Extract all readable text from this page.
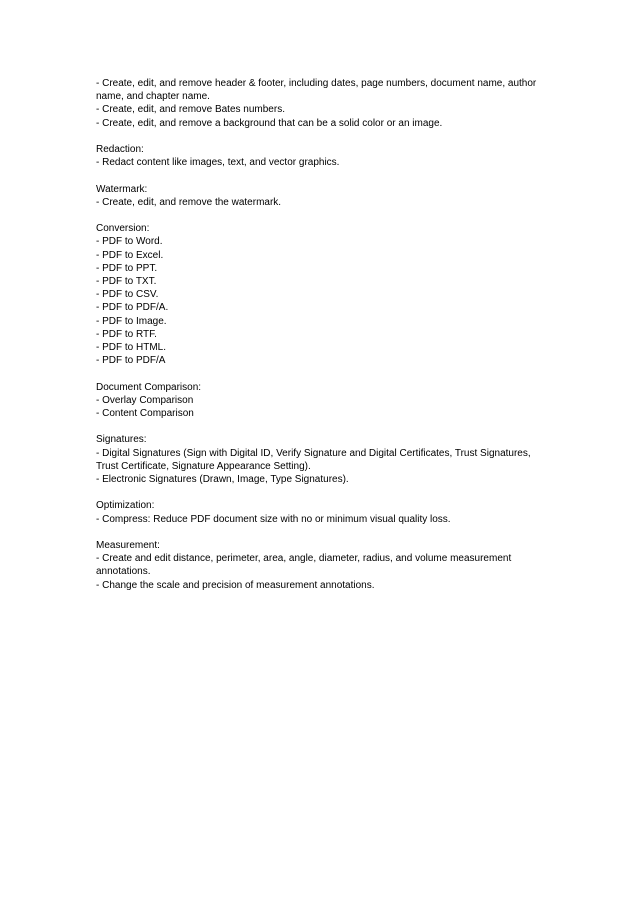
- Create, edit, and remove header & footer, including dates, page numbers, document name, author name, and chapter name.
- Create, edit, and remove Bates numbers.
- Create, edit, and remove a background that can be a solid color or an image.
Redaction:
- Redact content like images, text, and vector graphics.
Watermark:
- Create, edit, and remove the watermark.
Conversion:
- PDF to Word.
- PDF to Excel.
- PDF to PPT.
- PDF to TXT.
- PDF to CSV.
- PDF to PDF/A.
- PDF to Image.
- PDF to RTF.
- PDF to HTML.
- PDF to PDF/A
Document Comparison:
- Overlay Comparison
- Content Comparison
Signatures:
- Digital Signatures (Sign with Digital ID, Verify Signature and Digital Certificates, Trust Signatures, Trust Certificate, Signature Appearance Setting).
- Electronic Signatures (Drawn, Image, Type Signatures).
Optimization:
- Compress: Reduce PDF document size with no or minimum visual quality loss.
Measurement:
- Create and edit distance, perimeter, area, angle, diameter, radius, and volume measurement annotations.
- Change the scale and precision of measurement annotations.
